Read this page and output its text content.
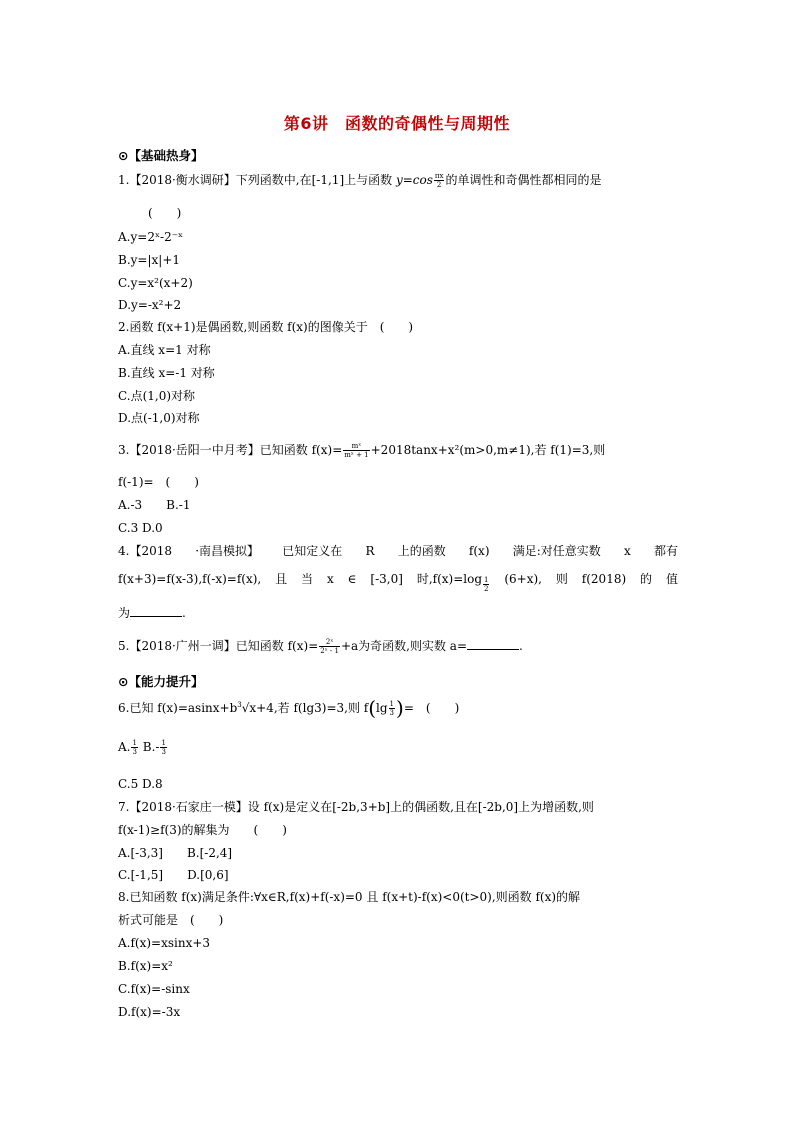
第6讲　函数的奇偶性与周期性
⊙【基础热身】
1.【2018·衡水调研】下列函数中,在[-1,1]上与函数 $y=\cos \frac{\pi x}{2}$ 的单调性和奇偶性都相同的是
(　　)
A.y=2ˣ-2⁻ˣ
B.y=|x|+1
C.y=x²(x+2)
D.y=-x²+2
2.函数 f(x+1)是偶函数,则函数 f(x)的图像关于　(　　)
A.直线 x=1 对称
B.直线 x=-1 对称
C.点(1,0)对称
D.点(-1,0)对称
3.【2018·岳阳一中月考】已知函数 $f(x)= \frac{\text{mˣ}}{\text{mˣ + 1}} +2018\tan x+x^2(m>0,m\ne 1)$,若 f(1)=3,则
f(-1)=　(　　)
A.-3　　B.-1
C.3 D.0
4.【2018 ·南昌模拟】 已知定义在 R 上的函数 f(x) 满足:对任意实数 x 都有
f(x+3)=f(x-3),f(-x)=f(x), 且 当 x ∈ [-3,0] 时,f(x)=log $_{\frac{1}{2}}$ (6+x), 则 f(2018) 的 值
为	.
5.【2018·广州一调】已知函数 $f(x)= \frac{\text{2ˣ}}{\text{2ˣ - 1}} +a$为奇函数,则实数 a=	.
⊙【能力提升】
6.已知 $f(x)=asinx+b^3√x+4$,若 f(lg3)=3,则 $f(\lg \frac{1}{3}$ )=　(　　)
A. $\frac{1}{3} B.- \frac{1}{3}$
C.5 D.8
7.【2018·石家庄一模】设 f(x)是定义在[-2b,3+b]上的偶函数,且在[-2b,0]上为增函数,则
f(x-1)≥f(3)的解集为　　(　　)
A.[-3,3]　　B.[-2,4]
C.[-1,5]　　D.[0,6]
8.已知函数 f(x)满足条件:∀x∈R,f(x)+f(-x)=0 且 f(x+t)-f(x)<0(t>0),则函数 f(x)的解
析式可能是　(　　)
A.f(x)=xsinx+3
B.f(x)=x²
C.f(x)=-sinx
D.f(x)=-3x
